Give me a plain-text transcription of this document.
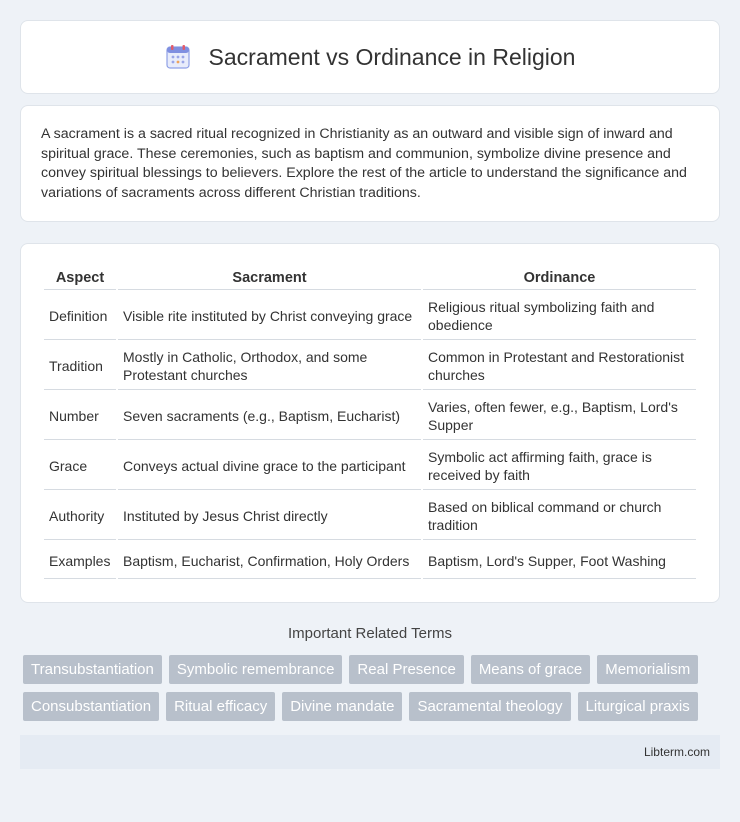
Sacrament vs Ordinance in Religion

A sacrament is a sacred ritual recognized in Christianity as an outward and visible sign of inward and spiritual grace. These ceremonies, such as baptism and communion, symbolize divine presence and convey spiritual blessings to believers. Explore the rest of the article to understand the significance and variations of sacraments across different Christian traditions.

Aspect	Sacrament	Ordinance
Definition	Visible rite instituted by Christ conveying grace	Religious ritual symbolizing faith and obedience
Tradition	Mostly in Catholic, Orthodox, and some Protestant churches	Common in Protestant and Restorationist churches
Number	Seven sacraments (e.g., Baptism, Eucharist)	Varies, often fewer, e.g., Baptism, Lord's Supper
Grace	Conveys actual divine grace to the participant	Symbolic act affirming faith, grace is received by faith
Authority	Instituted by Jesus Christ directly	Based on biblical command or church tradition
Examples	Baptism, Eucharist, Confirmation, Holy Orders	Baptism, Lord's Supper, Foot Washing
Important Related Terms
Transubstantiation	Symbolic remembrance	Real Presence	Means of grace	Memorialism
Consubstantiation	Ritual efficacy	Divine mandate	Sacramental theology	Liturgical praxis
Libterm.com
